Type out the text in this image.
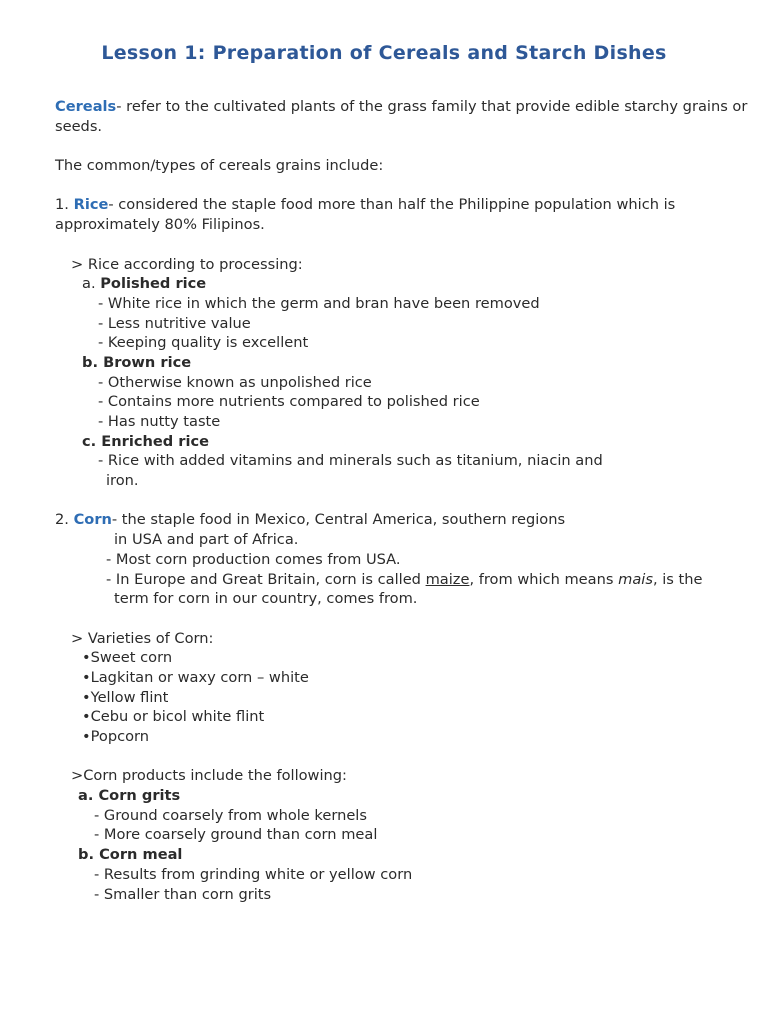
Lesson 1: Preparation of Cereals and Starch Dishes
Cereals- refer to the cultivated plants of the grass family that provide edible starchy grains or
seeds.
The common/types of cereals grains include:
1. Rice- considered the staple food more than half the Philippine population which is
approximately 80% Filipinos.
> Rice according to processing:
a. Polished rice
- White rice in which the germ and bran have been removed
- Less nutritive value
- Keeping quality is excellent
b. Brown rice
- Otherwise known as unpolished rice
- Contains more nutrients compared to polished rice
- Has nutty taste
c. Enriched rice
- Rice with added vitamins and minerals such as titanium, niacin and
iron.
2. Corn- the staple food in Mexico, Central America, southern regions
in USA and part of Africa.
- Most corn production comes from USA.
- In Europe and Great Britain, corn is called maize, from which means mais, is the
term for corn in our country, comes from.
> Varieties of Corn:
•Sweet corn
•Lagkitan or waxy corn – white
•Yellow flint
•Cebu or bicol white flint
•Popcorn
>Corn products include the following:
a. Corn grits
- Ground coarsely from whole kernels
- More coarsely ground than corn meal
b. Corn meal
- Results from grinding white or yellow corn
- Smaller than corn grits
